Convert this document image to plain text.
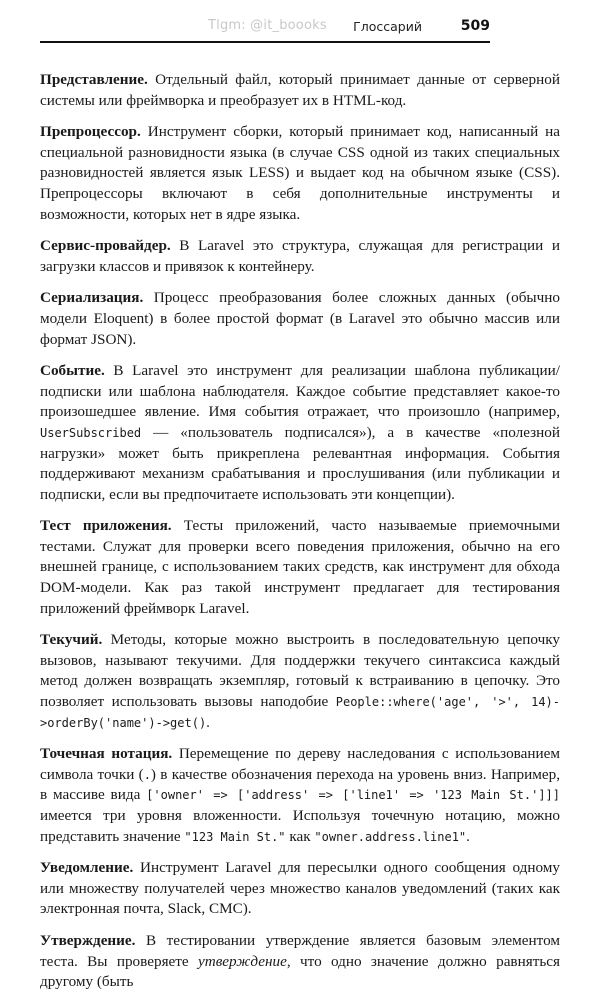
Tlgm: @it_boooks Глоссарий	509

Представление. Отдельный файл, который принимает данные от серверной системы или фреймворка и преобразует их в HTML-код.

Препроцессор. Инструмент сборки, который принимает код, написанный на специальной разновидности языка (в случае CSS одной из таких специальных разновидностей является язык LESS) и выдает код на обычном языке (CSS). Препроцессоры включают в себя дополнительные инструменты и возможности, которых нет в ядре языка.

Сервис-провайдер. В Laravel это структура, служащая для регистрации и загрузки классов и привязок к контейнеру.

Сериализация. Процесс преобразования более сложных данных (обычно модели Eloquent) в более простой формат (в Laravel это обычно массив или формат JSON).

Событие. В Laravel это инструмент для реализации шаблона публикации/подписки или шаблона наблюдателя. Каждое событие представляет какое-то произошедшее явление. Имя события отражает, что произошло (например, UserSubscribed — «пользователь подписался»), а в качестве «полезной нагрузки» может быть прикреплена релевантная информация. События поддерживают механизм срабатывания и прослушивания (или публикации и подписки, если вы предпочитаете использовать эти концепции).

Тест приложения. Тесты приложений, часто называемые приемочными тестами. Служат для проверки всего поведения приложения, обычно на его внешней границе, с использованием таких средств, как инструмент для обхода DOM-модели. Как раз такой инструмент предлагает для тестирования приложений фреймворк Laravel.

Текучий. Методы, которые можно выстроить в последовательную цепочку вызовов, называют текучими. Для поддержки текучего синтаксиса каждый метод должен возвращать экземпляр, готовый к встраиванию в цепочку. Это позволяет использовать вызовы наподобие People::where('age', '>', 14)->orderBy('name')->get().

Точечная нотация. Перемещение по дереву наследования с использованием символа точки (.) в качестве обозначения перехода на уровень вниз. Например, в массиве вида ['owner' => ['address' => ['line1' => '123 Main St.']]] имеется три уровня вложенности. Используя точечную нотацию, можно представить значение "123 Main St." как "owner.address.line1".

Уведомление. Инструмент Laravel для пересылки одного сообщения одному или множеству получателей через множество каналов уведомлений (таких как электронная почта, Slack, СМС).

Утверждение. В тестировании утверждение является базовым элементом теста. Вы проверяете утверждение, что одно значение должно равняться другому (быть
